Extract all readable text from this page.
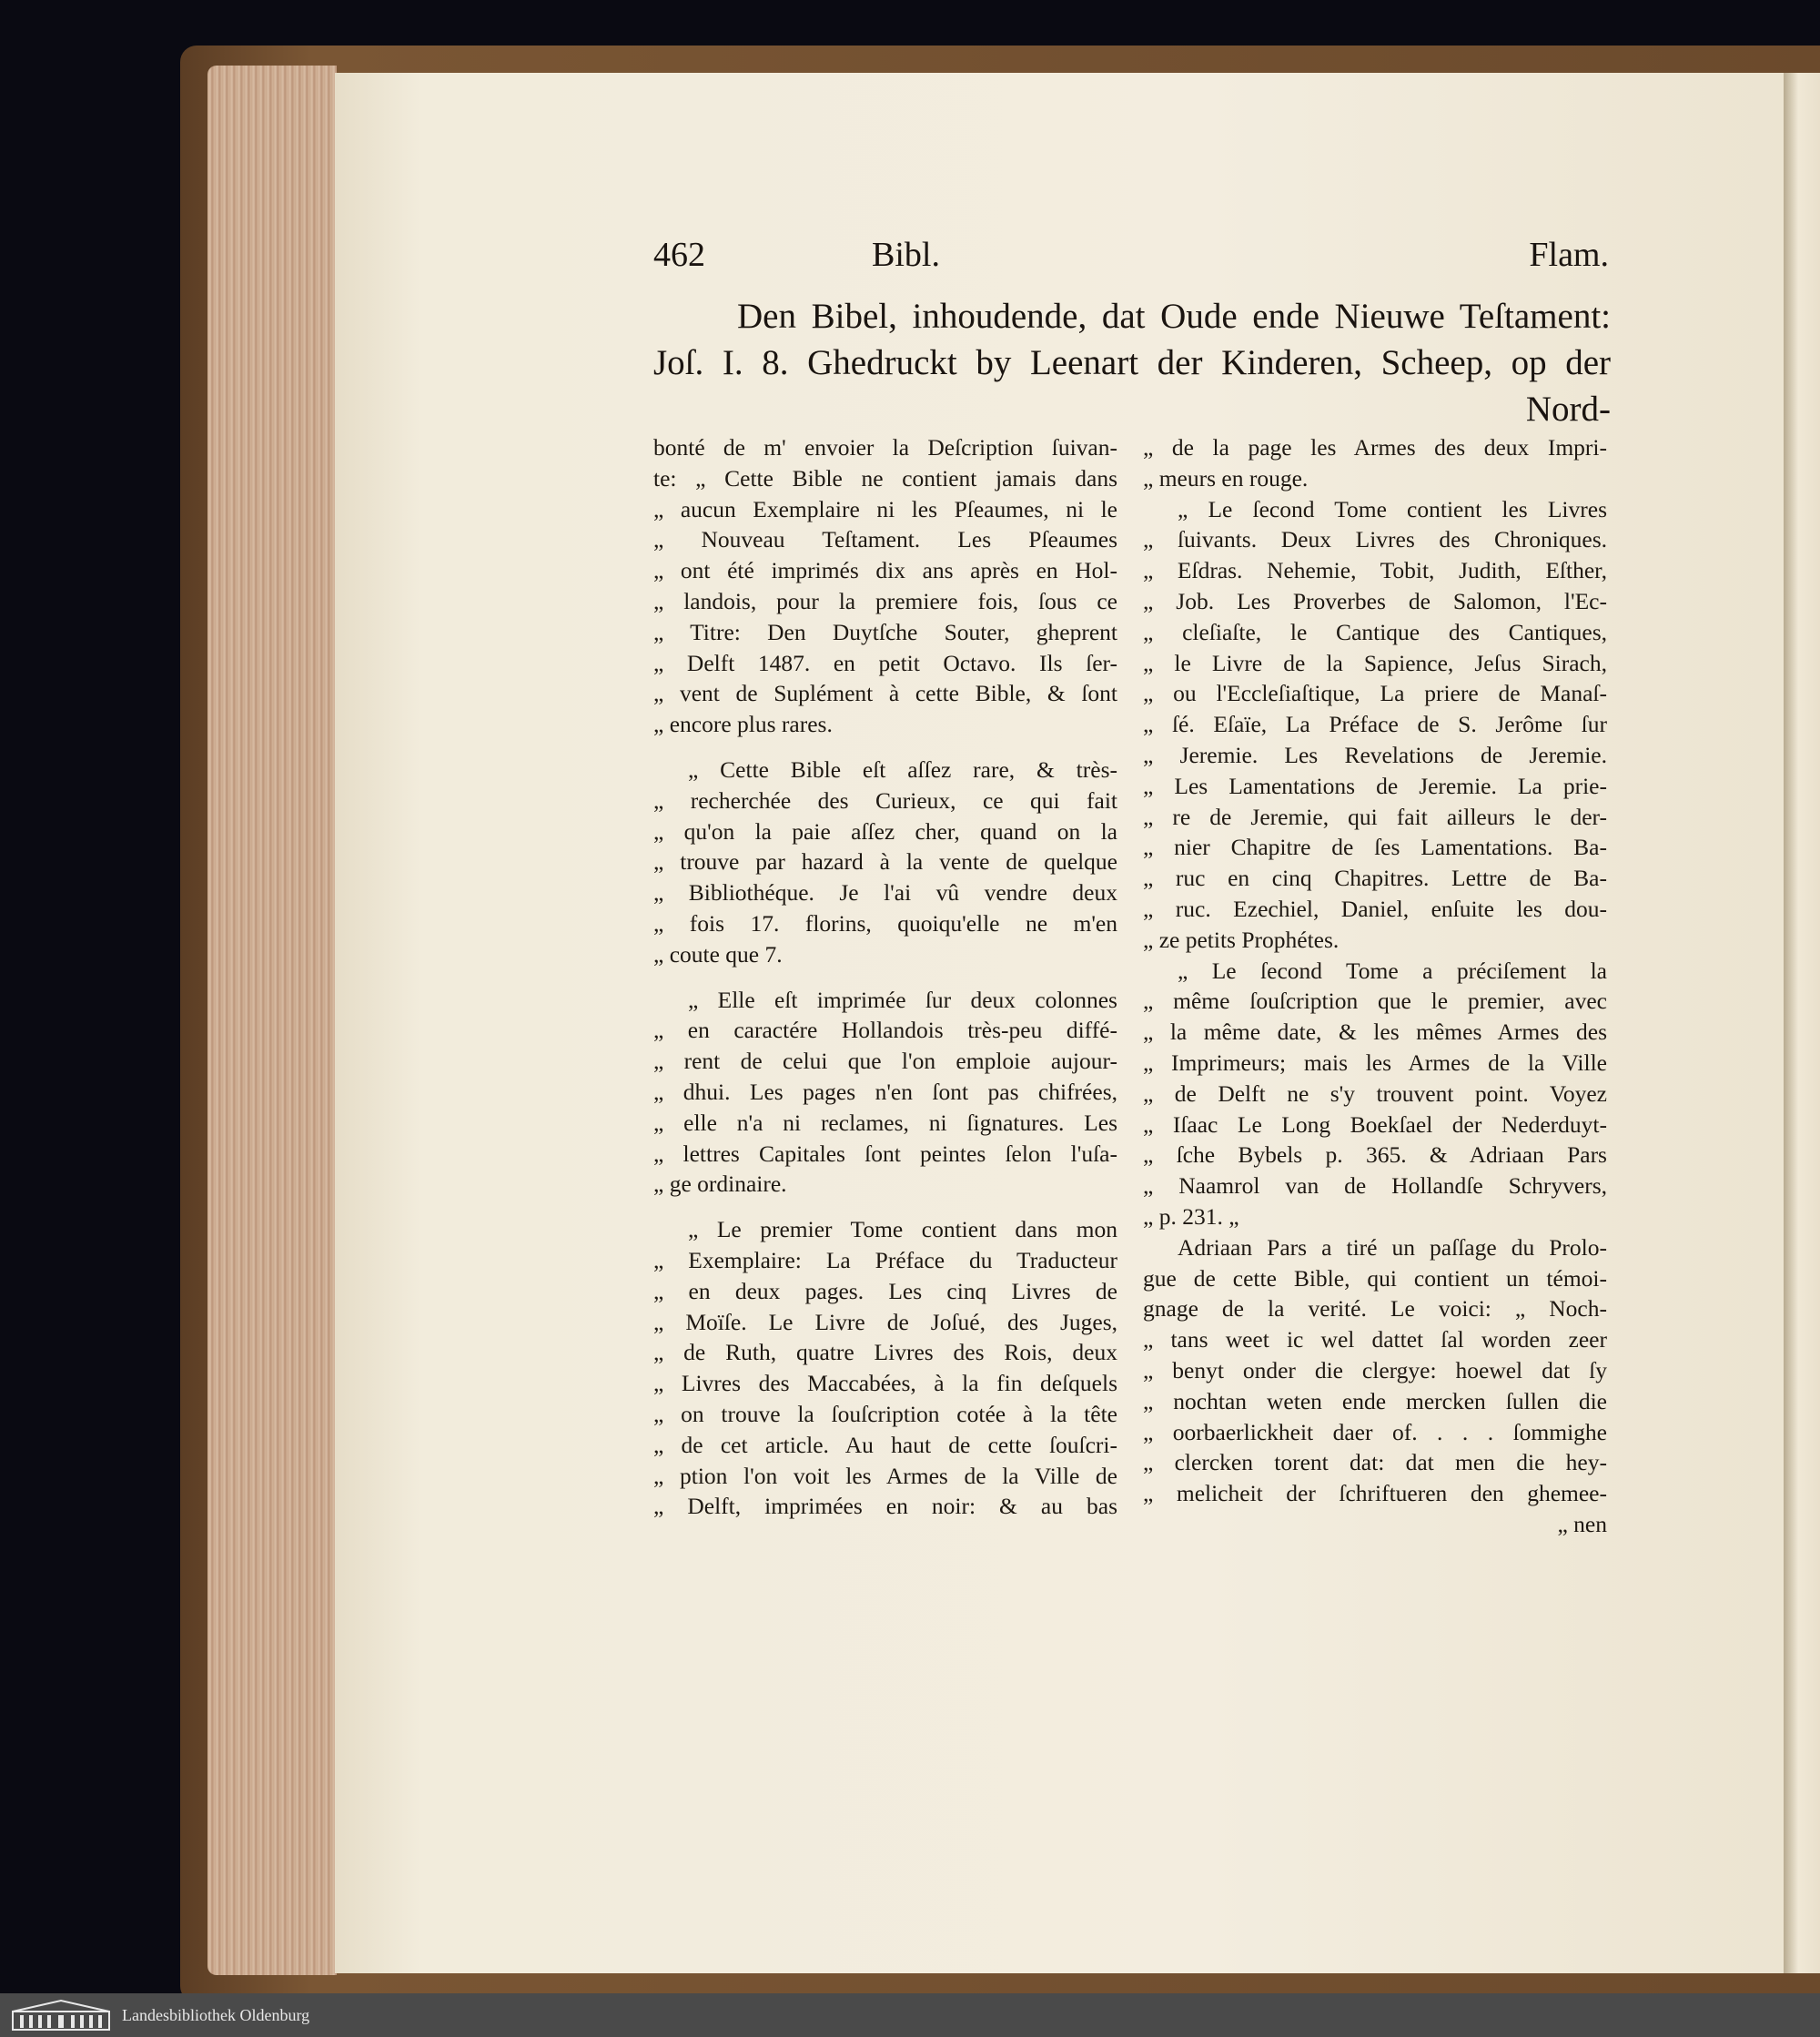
462	Bibl.	Flam.
Den Bibel, inhoudende, dat Oude ende Nieuwe Teſtament:
Joſ. I. 8. Ghedruckt by Leenart der Kinderen, Scheep, op der
Nord-
bonté de m' envoier la Deſcription ſuivan-
te: „ Cette Bible ne contient jamais dans
„ aucun Exemplaire ni les Pſeaumes, ni le
„ Nouveau Teſtament. Les Pſeaumes
„ ont été imprimés dix ans après en Hol-
„ landois, pour la premiere fois, ſous ce
„ Titre: Den Duytſche Souter, gheprent
„ Delft 1487. en petit Octavo. Ils ſer-
„ vent de Suplément à cette Bible, & ſont
„ encore plus rares.
„ Cette Bible eſt aſſez rare, & très-
„ recherchée des Curieux, ce qui fait
„ qu'on la paie aſſez cher, quand on la
„ trouve par hazard à la vente de quelque
„ Bibliothéque. Je l'ai vû vendre deux
„ fois 17. florins, quoiqu'elle ne m'en
„ coute que 7.
„ Elle eſt imprimée ſur deux colonnes
„ en caractére Hollandois très-peu diffé-
„ rent de celui que l'on emploie aujour-
„ dhui. Les pages n'en ſont pas chifrées,
„ elle n'a ni reclames, ni ſignatures. Les
„ lettres Capitales ſont peintes ſelon l'uſa-
„ ge ordinaire.
„ Le premier Tome contient dans mon
„ Exemplaire: La Préface du Traducteur
„ en deux pages. Les cinq Livres de
„ Moïſe. Le Livre de Joſué, des Juges,
„ de Ruth, quatre Livres des Rois, deux
„ Livres des Maccabées, à la fin deſquels
„ on trouve la ſouſcription cotée à la tête
„ de cet article. Au haut de cette ſouſcri-
„ ption l'on voit les Armes de la Ville de
„ Delft, imprimées en noir: & au bas
„ de la page les Armes des deux Impri-
„ meurs en rouge.
„ Le ſecond Tome contient les Livres
„ ſuivants. Deux Livres des Chroniques.
„ Eſdras. Nehemie, Tobit, Judith, Eſther,
„ Job. Les Proverbes de Salomon, l'Ec-
„ cleſiaſte, le Cantique des Cantiques,
„ le Livre de la Sapience, Jeſus Sirach,
„ ou l'Eccleſiaſtique, La priere de Manaſ-
„ ſé. Eſaïe, La Préface de S. Jerôme ſur
„ Jeremie. Les Revelations de Jeremie.
„ Les Lamentations de Jeremie. La prie-
„ re de Jeremie, qui fait ailleurs le der-
„ nier Chapitre de ſes Lamentations. Ba-
„ ruc en cinq Chapitres. Lettre de Ba-
„ ruc. Ezechiel, Daniel, enſuite les dou-
„ ze petits Prophétes.
„ Le ſecond Tome a préciſement la
„ même ſouſcription que le premier, avec
„ la même date, & les mêmes Armes des
„ Imprimeurs; mais les Armes de la Ville
„ de Delft ne s'y trouvent point. Voyez
„ Iſaac Le Long Boekſael der Nederduyt-
„ ſche Bybels p. 365. & Adriaan Pars
„ Naamrol van de Hollandſe Schryvers,
„ p. 231. „
Adriaan Pars a tiré un paſſage du Prolo-
gue de cette Bible, qui contient un témoi-
gnage de la verité. Le voici: „ Noch-
„ tans weet ic wel dattet ſal worden zeer
„ benyt onder die clergye: hoewel dat ſy
„ nochtan weten ende mercken ſullen die
„ oorbaerlickheit daer of. . . . ſommighe
„ clercken torent dat: dat men die hey-
„ melicheit der ſchriftueren den ghemee-
„ nen
Landesbibliothek Oldenburg
